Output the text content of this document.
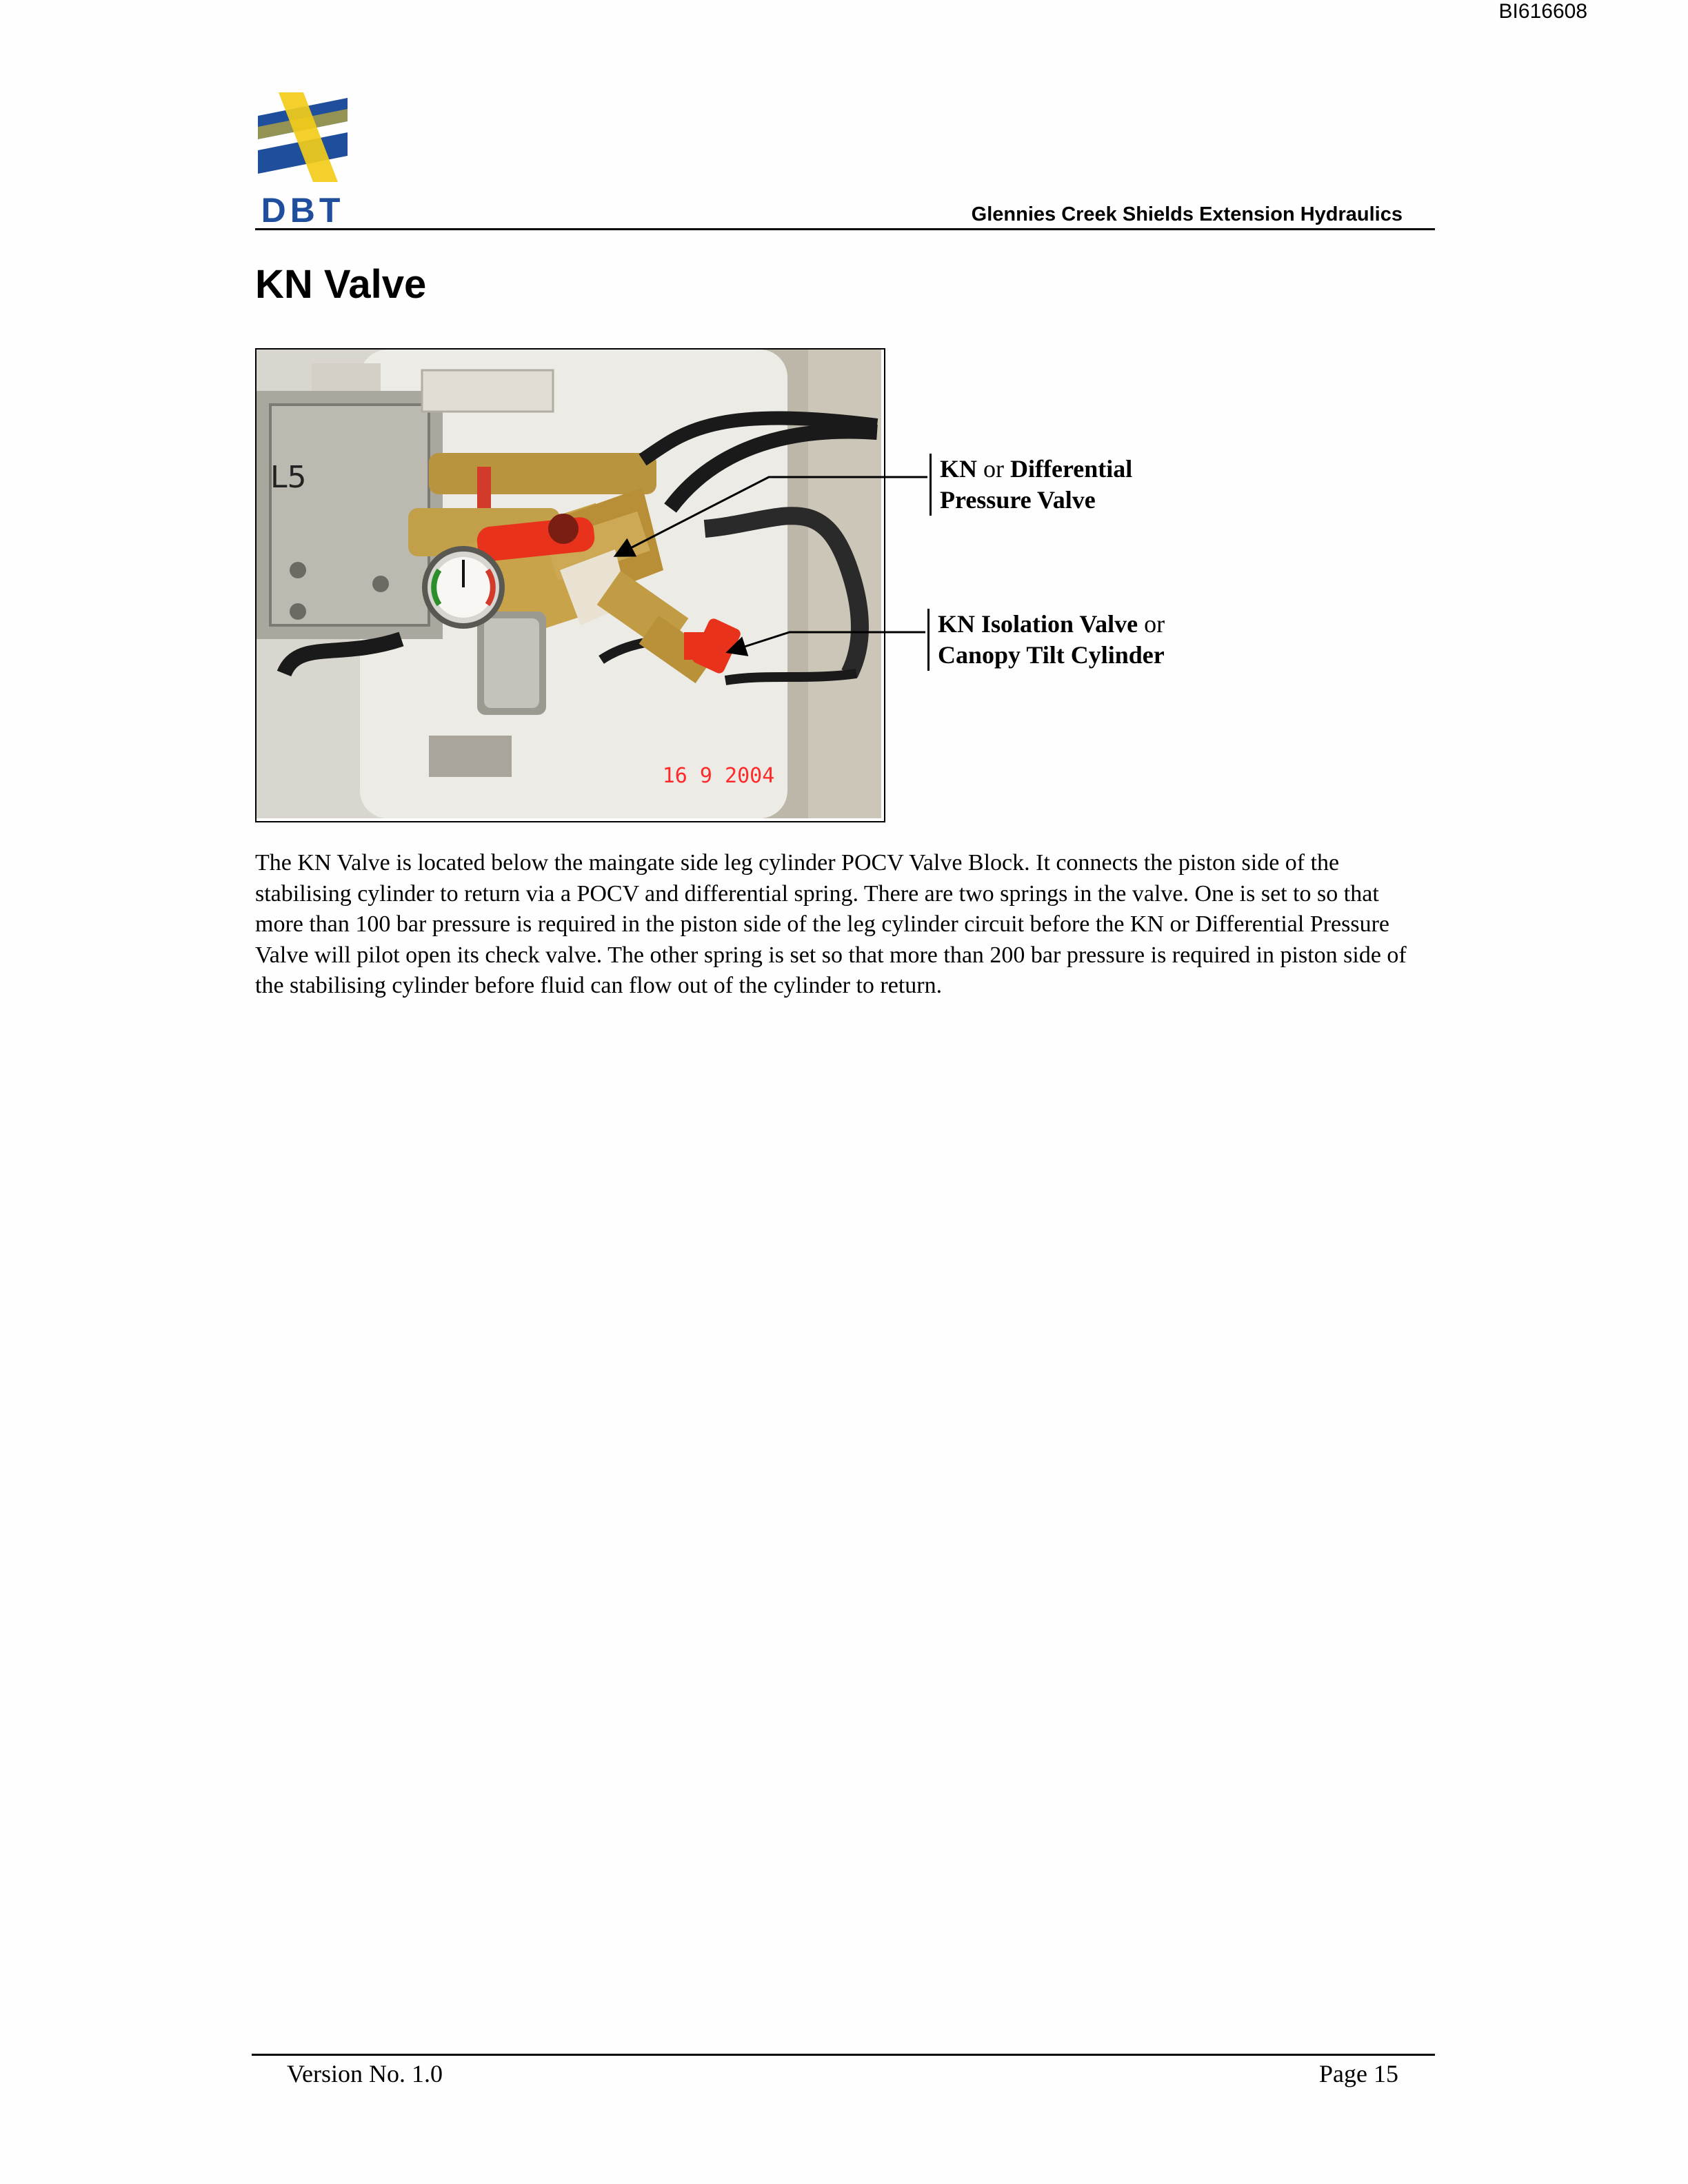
BI616608
DBT	Glennies Creek Shields Extension Hydraulics
KN Valve
L5
16 9 2004
KN or Differential
Pressure Valve
KN Isolation Valve or
Canopy Tilt Cylinder

The KN Valve is located below the maingate side leg cylinder POCV Valve Block. It connects the piston side of the stabilising cylinder to return via a POCV and differential spring. There are two springs in the valve. One is set to so that more than 100 bar pressure is required in the piston side of the leg cylinder circuit before the KN or Differential Pressure Valve will pilot open its check valve. The other spring is set so that more than 200 bar pressure is required in piston side of the stabilising cylinder before fluid can flow out of the cylinder to return.

Version No. 1.0	Page 15
